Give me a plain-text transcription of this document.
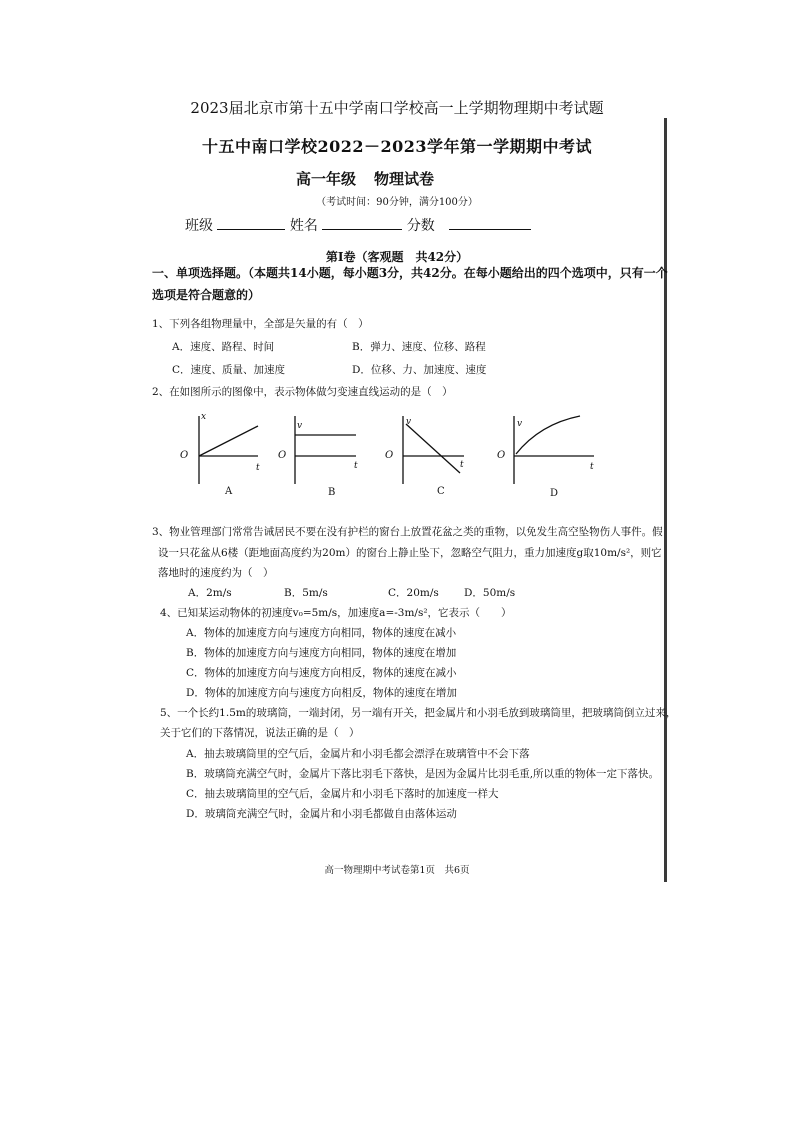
2023届北京市第十五中学南口学校高一上学期物理期中考试题
十五中南口学校2022－2023学年第一学期期中考试
高一年级 物理试卷
（考试时间：90分钟，满分100分）
班级	姓名	分数
第Ⅰ卷（客观题　共42分）
一、单项选择题。（本题共14小题，每小题3分，共42分。在每小题给出的四个选项中，只有一个
选项是符合题意的）
1、下列各组物理量中，全部是矢量的有（　）
A．速度、路程、时间	B．弹力、速度、位移、路程
C．速度、质量、加速度	D．位移、力、加速度、速度
2、在如图所示的图像中，表示物体做匀变速直线运动的是（　）
x
t
O
v
t
O
v
t
O
v
t
O
A	B	C	D
3、物业管理部门常常告诫居民不要在没有护栏的窗台上放置花盆之类的重物，以免发生高空坠物伤人事件。假
设一只花盆从6楼（距地面高度约为20m）的窗台上静止坠下，忽略空气阻力，重力加速度g取10m/s²，则它
落地时的速度约为（　）
A．2m/s	B．5m/s	C．20m/s D．50m/s
4、已知某运动物体的初速度v₀=5m/s，加速度a=-3m/s²，它表示（　　）
A．物体的加速度方向与速度方向相同，物体的速度在减小
B．物体的加速度方向与速度方向相同，物体的速度在增加
C．物体的加速度方向与速度方向相反，物体的速度在减小
D．物体的加速度方向与速度方向相反，物体的速度在增加
5、一个长约1.5m的玻璃筒，一端封闭，另一端有开关，把金属片和小羽毛放到玻璃筒里，把玻璃筒倒立过来，
关于它们的下落情况，说法正确的是（　）
A．抽去玻璃筒里的空气后，金属片和小羽毛都会漂浮在玻璃管中不会下落
B．玻璃筒充满空气时，金属片下落比羽毛下落快，是因为金属片比羽毛重,所以重的物体一定下落快。
C．抽去玻璃筒里的空气后，金属片和小羽毛下落时的加速度一样大
D．玻璃筒充满空气时，金属片和小羽毛都做自由落体运动
高一物理期中考试卷第1页　共6页
